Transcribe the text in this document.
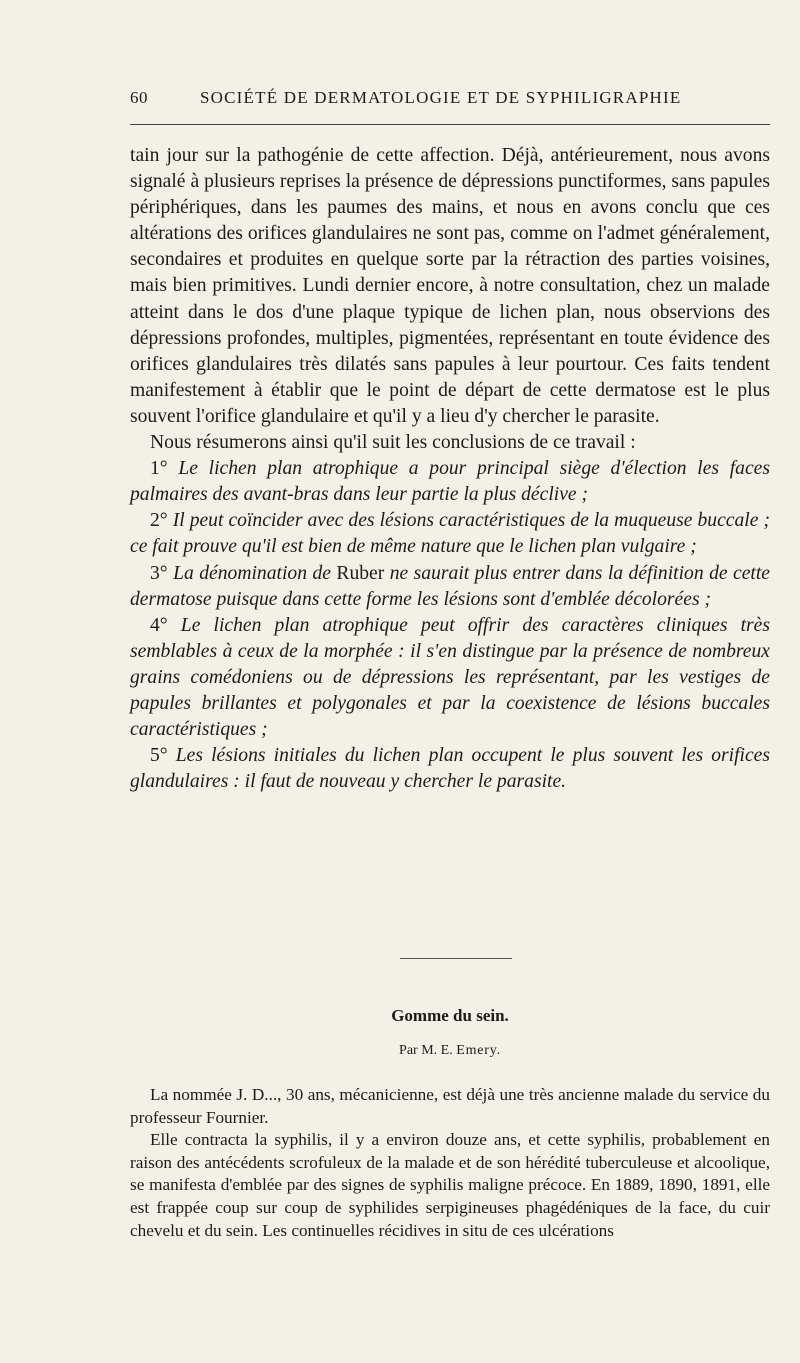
60	SOCIÉTÉ DE DERMATOLOGIE ET DE SYPHILIGRAPHIE

tain jour sur la pathogénie de cette affection. Déjà, antérieurement, nous avons signalé à plusieurs reprises la présence de dépressions punctiformes, sans papules périphériques, dans les paumes des mains, et nous en avons conclu que ces altérations des orifices glandulaires ne sont pas, comme on l'admet généralement, secondaires et produites en quelque sorte par la rétraction des parties voisines, mais bien primitives. Lundi dernier encore, à notre consultation, chez un malade atteint dans le dos d'une plaque typique de lichen plan, nous observions des dépressions profondes, multiples, pigmentées, représentant en toute évidence des orifices glandulaires très dilatés sans papules à leur pourtour. Ces faits tendent manifestement à établir que le point de départ de cette dermatose est le plus souvent l'orifice glandulaire et qu'il y a lieu d'y chercher le parasite.

Nous résumerons ainsi qu'il suit les conclusions de ce travail :

1° Le lichen plan atrophique a pour principal siège d'élection les faces palmaires des avant-bras dans leur partie la plus déclive ;

2° Il peut coïncider avec des lésions caractéristiques de la muqueuse buccale ; ce fait prouve qu'il est bien de même nature que le lichen plan vulgaire ;

3° La dénomination de Ruber ne saurait plus entrer dans la définition de cette dermatose puisque dans cette forme les lésions sont d'emblée décolorées ;

4° Le lichen plan atrophique peut offrir des caractères cliniques très semblables à ceux de la morphée : il s'en distingue par la présence de nombreux grains comédoniens ou de dépressions les représentant, par les vestiges de papules brillantes et polygonales et par la coexistence de lésions buccales caractéristiques ;

5° Les lésions initiales du lichen plan occupent le plus souvent les orifices glandulaires : il faut de nouveau y chercher le parasite.

Gomme du sein.
Par M. E. Emery.

La nommée J. D..., 30 ans, mécanicienne, est déjà une très ancienne malade du service du professeur Fournier.

Elle contracta la syphilis, il y a environ douze ans, et cette syphilis, probablement en raison des antécédents scrofuleux de la malade et de son hérédité tuberculeuse et alcoolique, se manifesta d'emblée par des signes de syphilis maligne précoce. En 1889, 1890, 1891, elle est frappée coup sur coup de syphilides serpigineuses phagédéniques de la face, du cuir chevelu et du sein. Les continuelles récidives in situ de ces ulcérations
